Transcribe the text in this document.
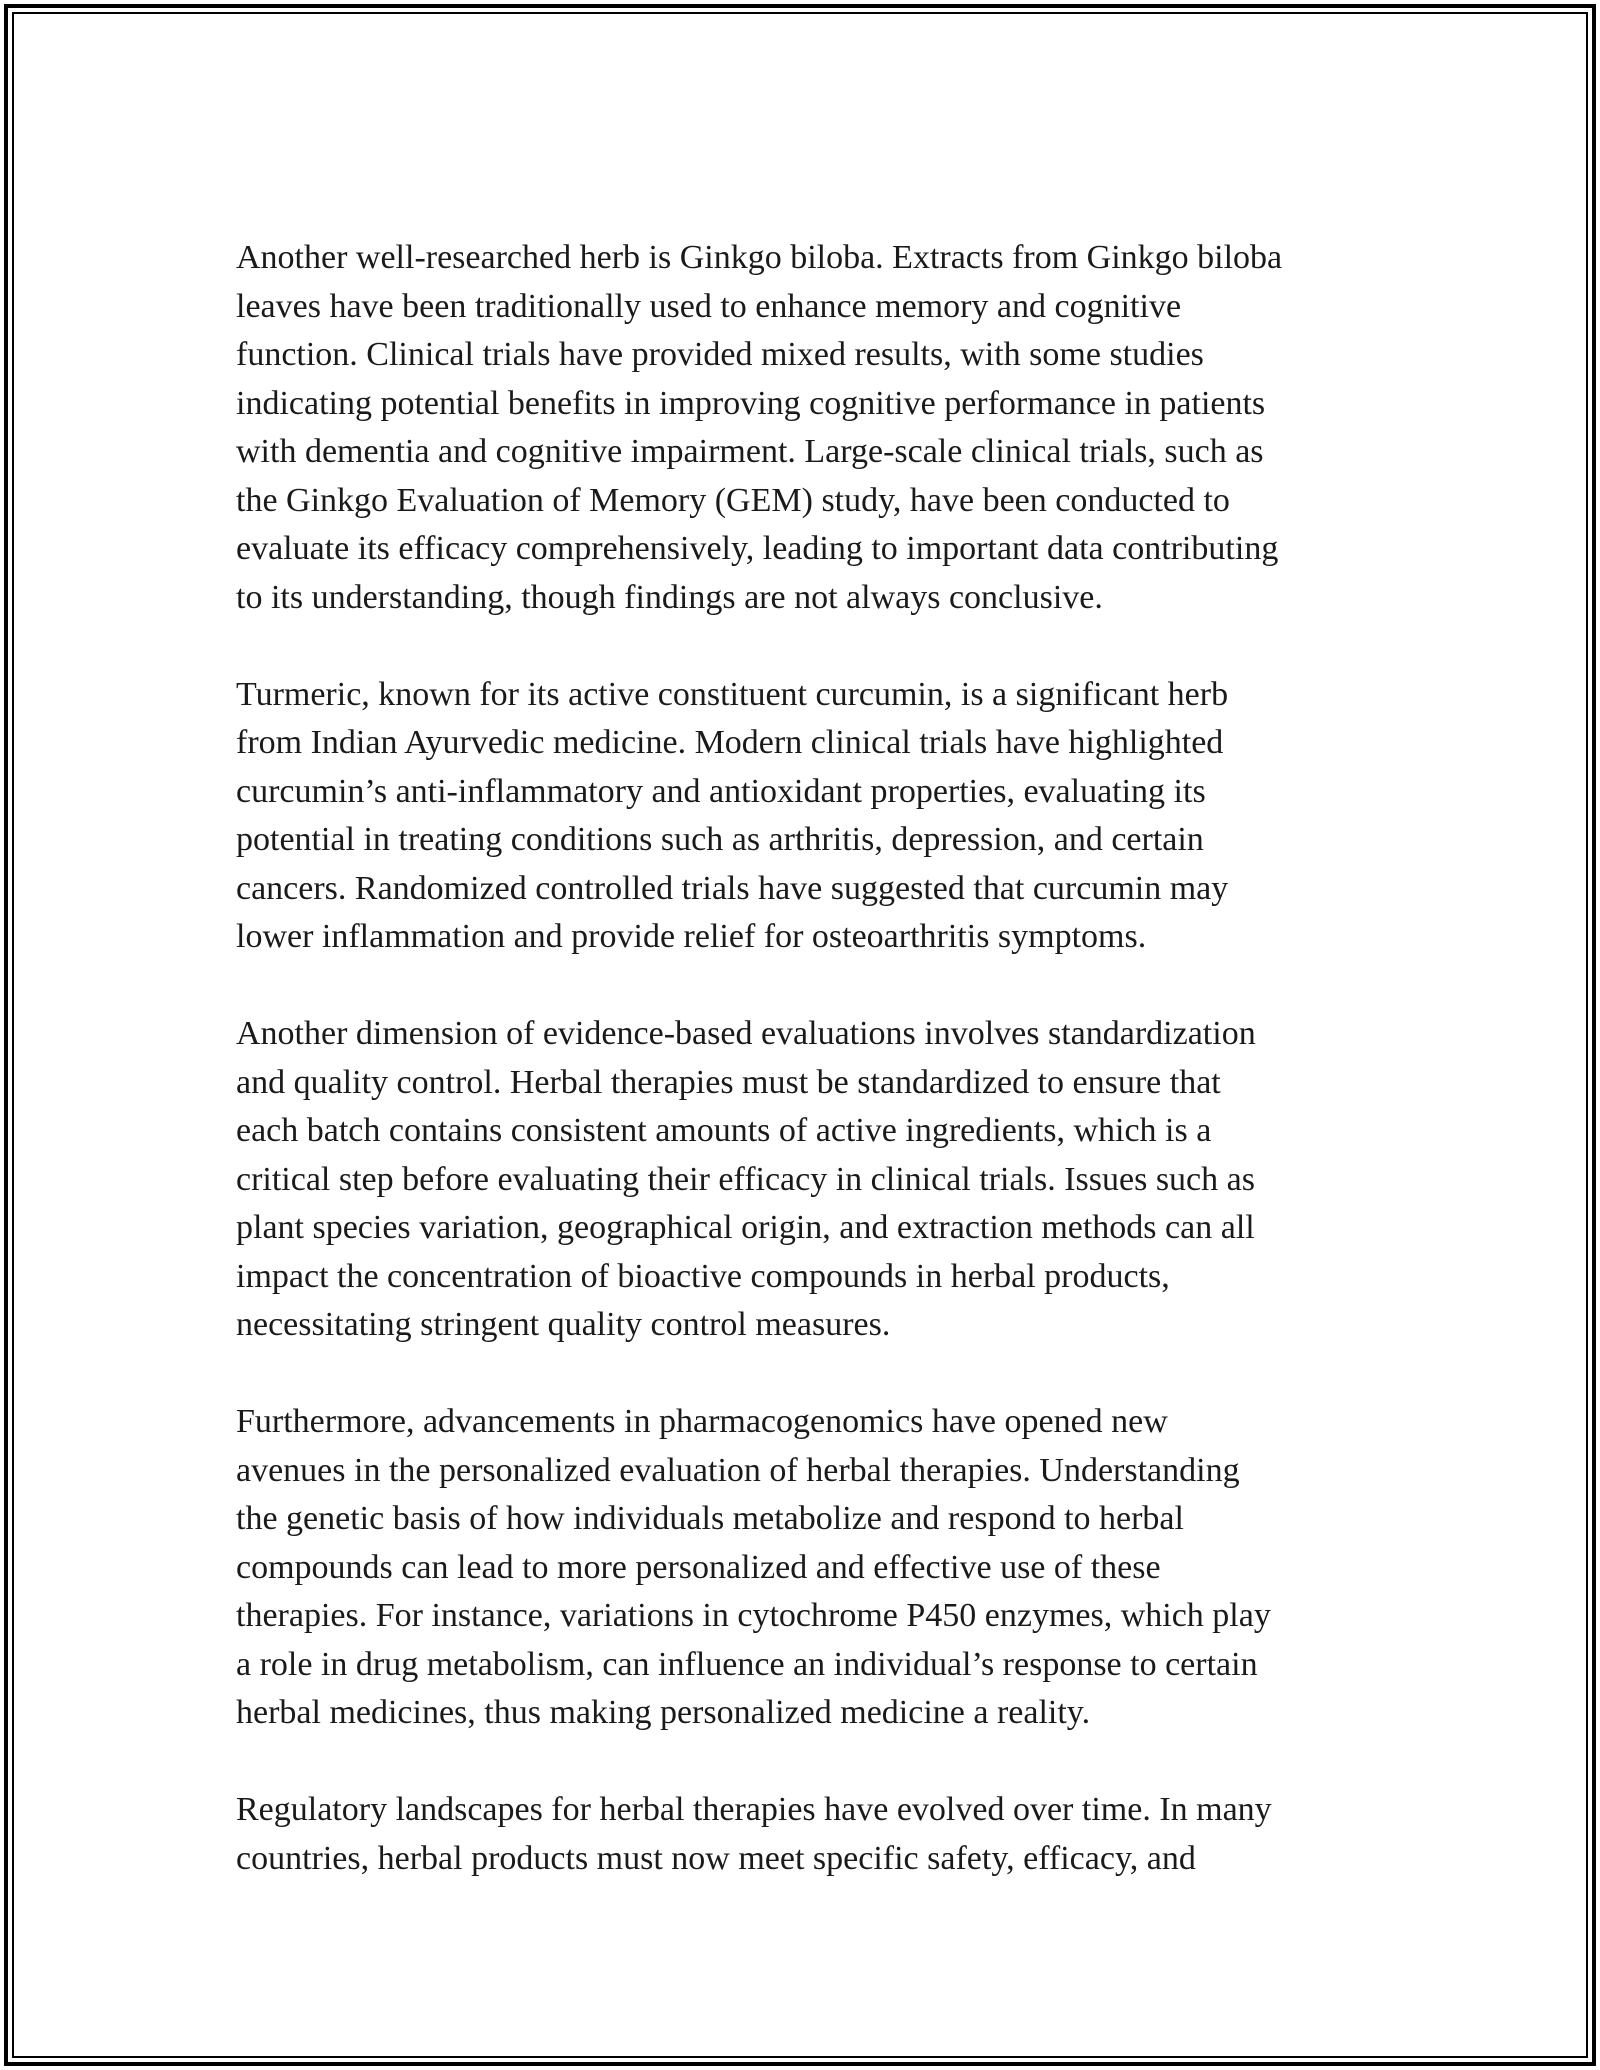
Another well-researched herb is Ginkgo biloba. Extracts from Ginkgo biloba
leaves have been traditionally used to enhance memory and cognitive
function. Clinical trials have provided mixed results, with some studies
indicating potential benefits in improving cognitive performance in patients
with dementia and cognitive impairment. Large-scale clinical trials, such as
the Ginkgo Evaluation of Memory (GEM) study, have been conducted to
evaluate its efficacy comprehensively, leading to important data contributing
to its understanding, though findings are not always conclusive.

Turmeric, known for its active constituent curcumin, is a significant herb
from Indian Ayurvedic medicine. Modern clinical trials have highlighted
curcumin’s anti-inflammatory and antioxidant properties, evaluating its
potential in treating conditions such as arthritis, depression, and certain
cancers. Randomized controlled trials have suggested that curcumin may
lower inflammation and provide relief for osteoarthritis symptoms.

Another dimension of evidence-based evaluations involves standardization
and quality control. Herbal therapies must be standardized to ensure that
each batch contains consistent amounts of active ingredients, which is a
critical step before evaluating their efficacy in clinical trials. Issues such as
plant species variation, geographical origin, and extraction methods can all
impact the concentration of bioactive compounds in herbal products,
necessitating stringent quality control measures.

Furthermore, advancements in pharmacogenomics have opened new
avenues in the personalized evaluation of herbal therapies. Understanding
the genetic basis of how individuals metabolize and respond to herbal
compounds can lead to more personalized and effective use of these
therapies. For instance, variations in cytochrome P450 enzymes, which play
a role in drug metabolism, can influence an individual’s response to certain
herbal medicines, thus making personalized medicine a reality.

Regulatory landscapes for herbal therapies have evolved over time. In many
countries, herbal products must now meet specific safety, efficacy, and
